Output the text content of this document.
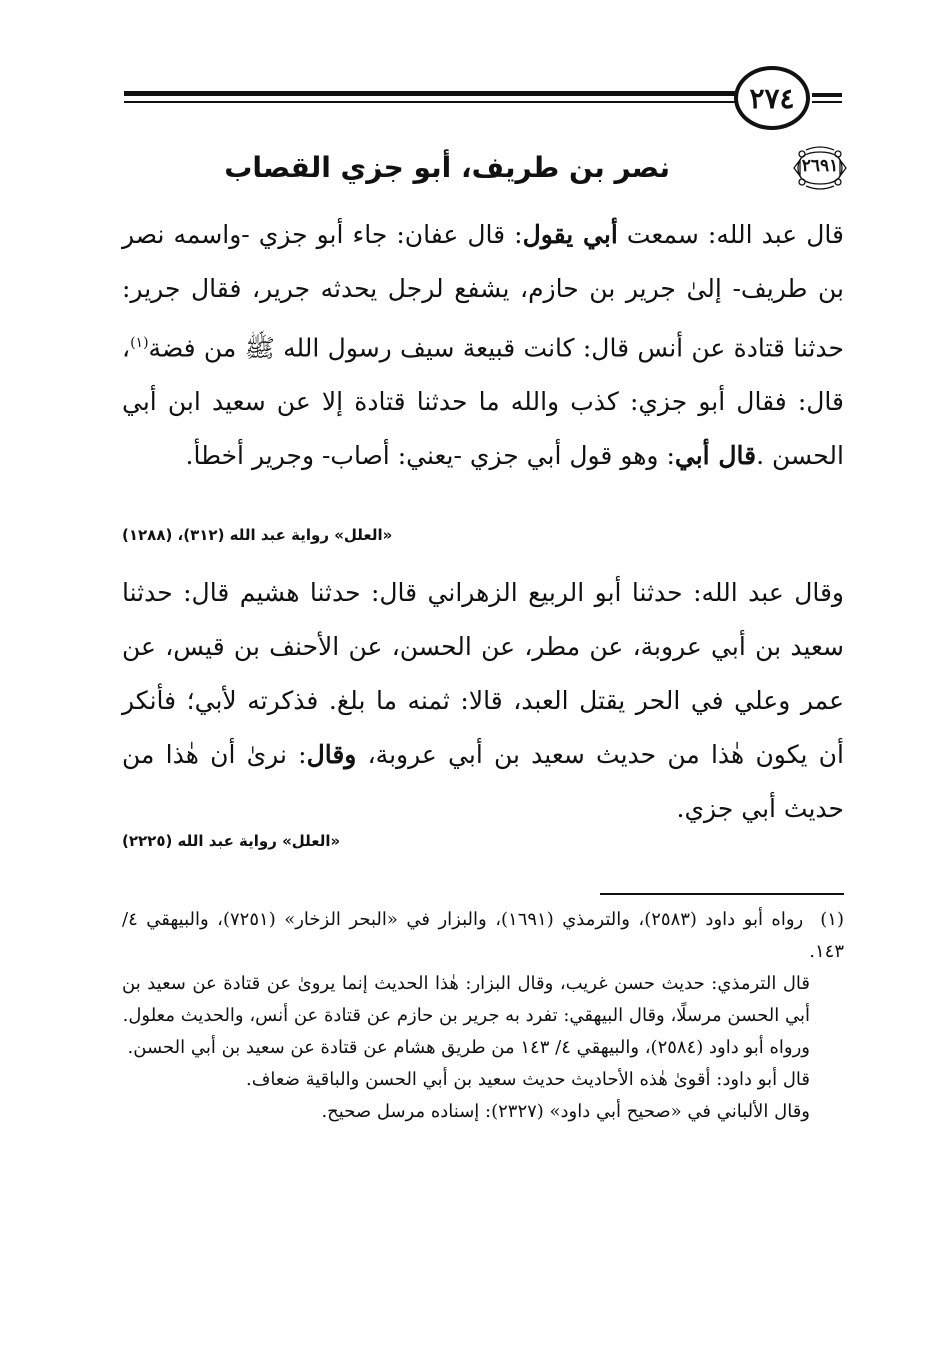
٢٧٤
٢٦٩١
نصر بن طريف، أبو جزي القصاب
قال عبد الله: سمعت أبي يقول: قال عفان: جاء أبو جزي -واسمه نصر بن طريف- إلىٰ جرير بن حازم، يشفع لرجل يحدثه جرير، فقال جرير: حدثنا قتادة عن أنس قال: كانت قبيعة سيف رسول الله ﷺ من فضة$^{(١)}$، قال: فقال أبو جزي: كذب والله ما حدثنا قتادة إلا عن سعيد ابن أبي الحسن .قال أبي: وهو قول أبي جزي -يعني: أصاب- وجرير أخطأ.
«العلل» رواية عبد الله (٣١٢)، (١٢٨٨)
وقال عبد الله: حدثنا أبو الربيع الزهراني قال: حدثنا هشيم قال: حدثنا سعيد بن أبي عروبة، عن مطر، عن الحسن، عن الأحنف بن قيس، عن عمر وعلي في الحر يقتل العبد، قالا: ثمنه ما بلغ. فذكرته لأبي؛ فأنكر أن يكون هٰذا من حديث سعيد بن أبي عروبة، وقال: نرىٰ أن هٰذا من حديث أبي جزي.
«العلل» رواية عبد الله (٢٢٢٥)
(١)  رواه أبو داود (٢٥٨٣)، والترمذي (١٦٩١)، والبزار في «البحر الزخار» (٧٢٥١)، والبيهقي ٤/ ١٤٣.
قال الترمذي: حديث حسن غريب، وقال البزار: هٰذا الحديث إنما يروىٰ عن قتادة عن سعيد بن أبي الحسن مرسلًا، وقال البيهقي: تفرد به جرير بن حازم عن قتادة عن أنس، والحديث معلول.
ورواه أبو داود (٢٥٨٤)، والبيهقي ٤/ ١٤٣ من طريق هشام عن قتادة عن سعيد بن أبي الحسن.
قال أبو داود: أقوىٰ هٰذه الأحاديث حديث سعيد بن أبي الحسن والباقية ضعاف.
وقال الألباني في «صحيح أبي داود» (٢٣٢٧): إسناده مرسل صحيح.
